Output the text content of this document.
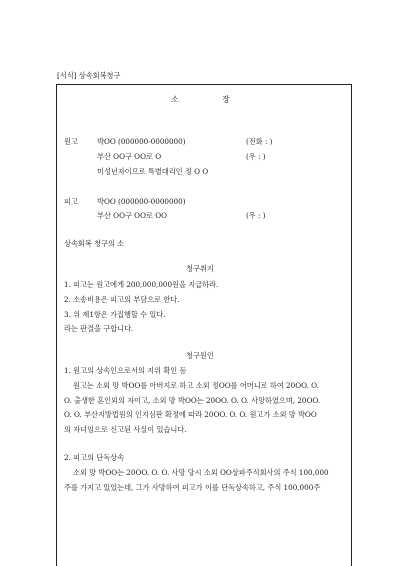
[서식] 상속회복청구
소	장
원고	박OO (000000-0000000)	(전화 : )
부산 OO구 OO로 O	(우 : )
미성년자이므로 특별대리인 정 O O
피고	박OO (000000-0000000)
부산 OO구 OO로 OO	(우 : )
상속회복 청구의 소
청구취지
1. 피고는 원고에게 200,000,000원을 지급하라.
2. 소송비용은 피고의 부담으로 한다.
3. 위 제1항은 가집행할 수 있다.
라는 판결을 구합니다.
청구원인
1. 원고의 상속인으로서의 지위 확인 등
원고는 소외 망 박OO를 아버지로 하고 소외 정OO를 어머니로 하여 20OO. O.
O. 출생한 혼인외의 자이고, 소외 망 박OO는 20OO. O. O. 사망하였으며, 20OO.
O. O. 부산지방법원의 인지심판 확정에 따라 20OO. O. O. 원고가 소외 망 박OO
의 자녀임으로 신고된 사실이 있습니다.
2. 피고의 단독상속
소외 망 박OO는 20OO. O. O. 사망 당시 소외 OO상파주식회사의 주식 100,000
주를 가지고 있었는데, 그가 사망하여 피고가 이를 단독상속하고, 주식 100,000주
